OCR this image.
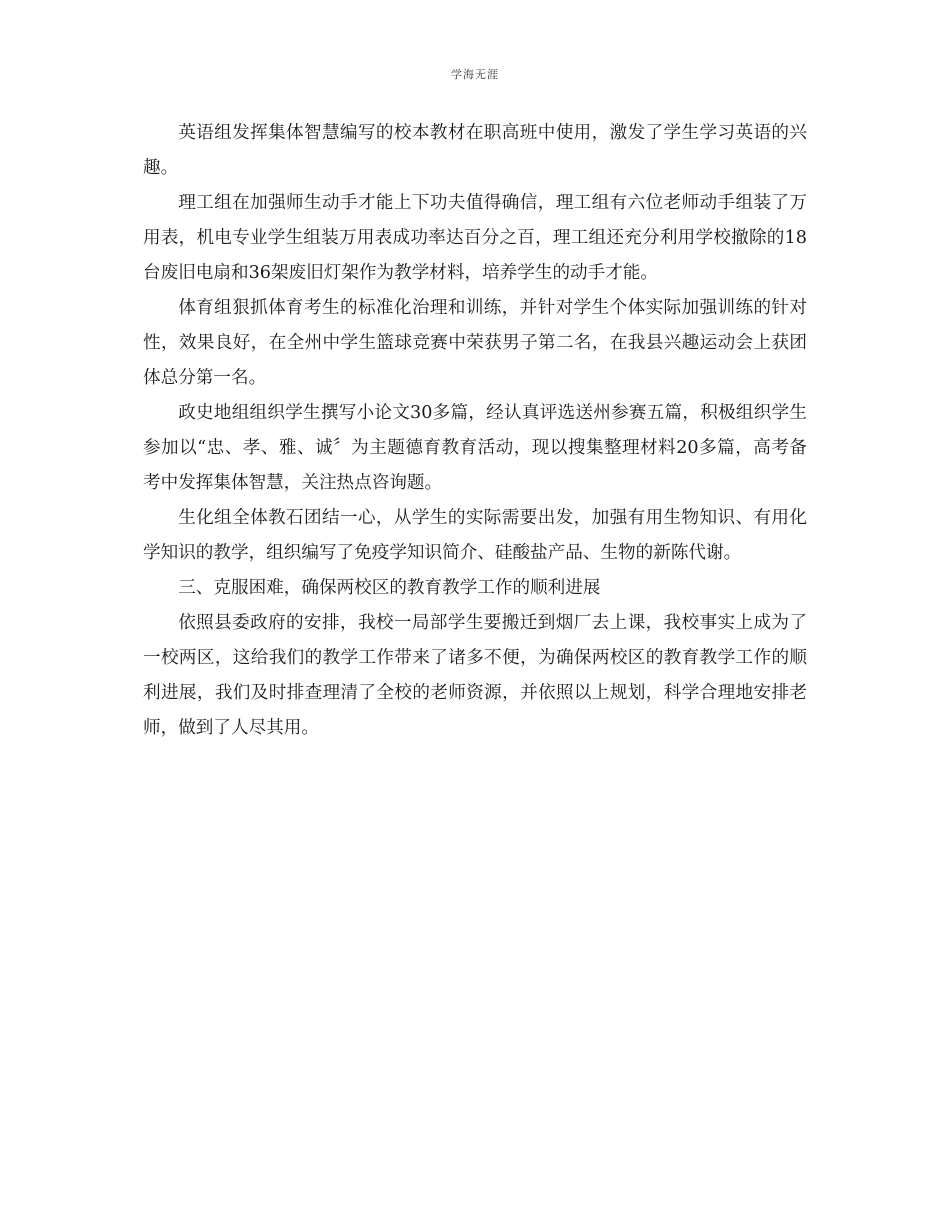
学海无涯

英语组发挥集体智慧编写的校本教材在职高班中使用，激发了学生学习英语的兴趣。

理工组在加强师生动手才能上下功夫值得确信，理工组有六位老师动手组装了万用表，机电专业学生组装万用表成功率达百分之百，理工组还充分利用学校撤除的18台废旧电扇和36架废旧灯架作为教学材料，培养学生的动手才能。

体育组狠抓体育考生的标准化治理和训练，并针对学生个体实际加强训练的针对性，效果良好，在全州中学生篮球竞赛中荣获男子第二名，在我县兴趣运动会上获团体总分第一名。

政史地组组织学生撰写小论文30多篇，经认真评选送州参赛五篇，积极组织学生参加以“忠、孝、雅、诚〞为主题德育教育活动，现以搜集整理材料20多篇，高考备考中发挥集体智慧，关注热点咨询题。

生化组全体教石团结一心，从学生的实际需要出发，加强有用生物知识、有用化学知识的教学，组织编写了免疫学知识简介、硅酸盐产品、生物的新陈代谢。

三、克服困难，确保两校区的教育教学工作的顺利进展

依照县委政府的安排，我校一局部学生要搬迁到烟厂去上课，我校事实上成为了一校两区，这给我们的教学工作带来了诸多不便，为确保两校区的教育教学工作的顺利进展，我们及时排查理清了全校的老师资源，并依照以上规划，科学合理地安排老师，做到了人尽其用。
